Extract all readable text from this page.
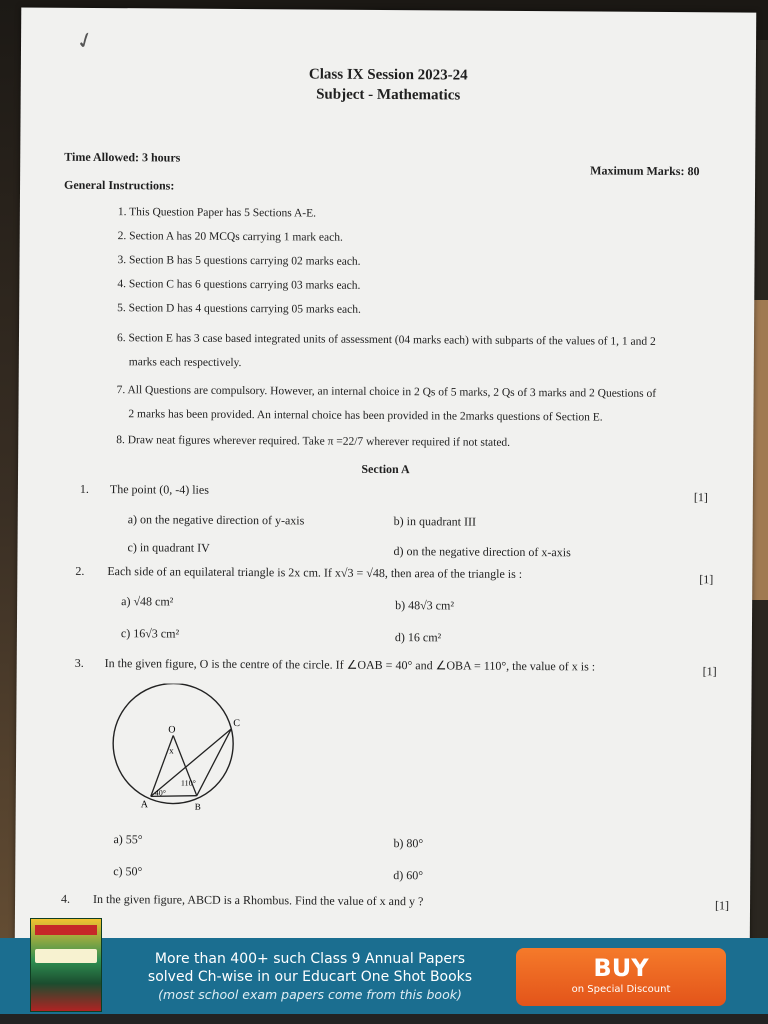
✓
Class IX Session 2023-24
Subject - Mathematics
Time Allowed: 3 hours
Maximum Marks: 80
General Instructions:
1. This Question Paper has 5 Sections A-E.
2. Section A has 20 MCQs carrying 1 mark each.
3. Section B has 5 questions carrying 02 marks each.
4. Section C has 6 questions carrying 03 marks each.
5. Section D has 4 questions carrying 05 marks each.
6. Section E has 3 case based integrated units of assessment (04 marks each) with subparts of the values of 1, 1 and 2
marks each respectively.
7. All Questions are compulsory. However, an internal choice in 2 Qs of 5 marks, 2 Qs of 3 marks and 2 Questions of
2 marks has been provided. An internal choice has been provided in the 2marks questions of Section E.
8. Draw neat figures wherever required. Take π =22/7 wherever required if not stated.
Section A
1. The point (0, -4) lies
[1]
a) on the negative direction of y-axis	b) in quadrant III
c) in quadrant IV	d) on the negative direction of x-axis
2. Each side of an equilateral triangle is 2x cm. If x√3 = √48, then area of the triangle is :	[1]
a) √48 cm²	b) 48√3 cm²
c) 16√3 cm²	d) 16 cm²
3. In the given figure, O is the centre of the circle. If ∠OAB = 40° and ∠OBA = 110°, the value of x is :	[1]
O
C
A	B
x
40°
110°
a) 55°	b) 80°
c) 50°	d) 60°
4. In the given figure, ABCD is a Rhombus. Find the value of x and y ?	[1]
More than 400+ such Class 9 Annual Papers
solved Ch-wise in our Educart One Shot Books
(most school exam papers come from this book)
BUY
on Special Discount
